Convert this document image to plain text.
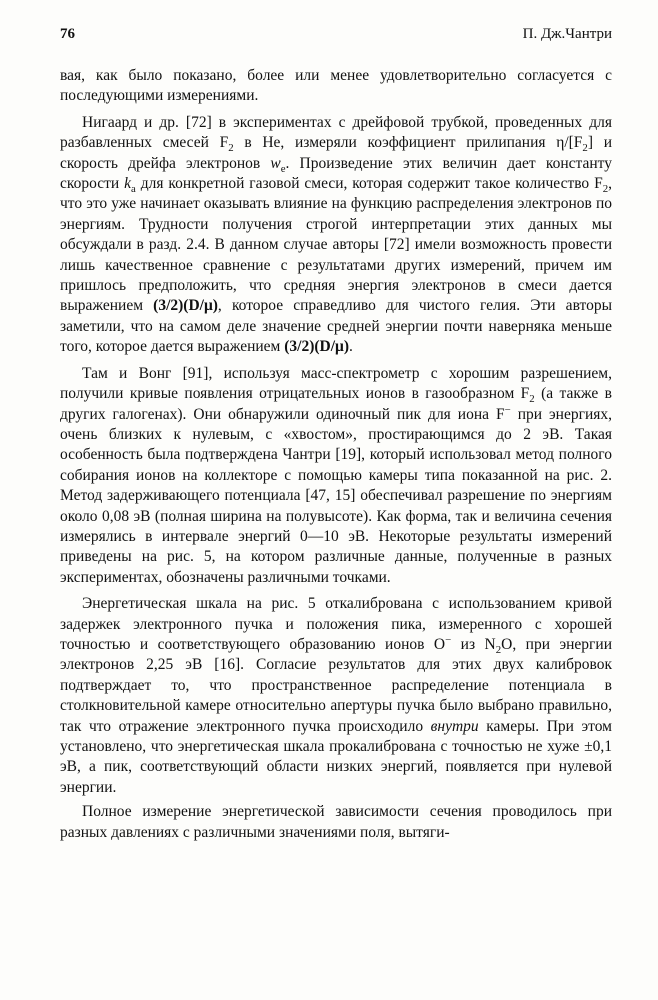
76	П. Дж.Чантри

вая, как было показано, более или менее удовлетворительно согласуется с последующими измерениями.

Нигаард и др. [72] в экспериментах с дрейфовой трубкой, проведенных для разбавленных смесей $F_2$ в He, измеряли коэффициент прилипания $\eta/[F_2]$ и скорость дрейфа электронов $w_e$. Произведение этих величин дает константу скорости $k_a$ для конкретной газовой смеси, которая содержит такое количество $F_2$, что это уже начинает оказывать влияние на функцию распределения электронов по энергиям. Трудности получения строгой интерпретации этих данных мы обсуждали в разд. 2.4. В данном случае авторы [72] имели возможность провести лишь качественное сравнение с результатами других измерений, причем им пришлось предположить, что средняя энергия электронов в смеси дается выражением (3/2)(D/μ), которое справедливо для чистого гелия. Эти авторы заметили, что на самом деле значение средней энергии почти наверняка меньше того, которое дается выражением (3/2)(D/μ).

Там и Вонг [91], используя масс-спектрометр с хорошим разрешением, получили кривые появления отрицательных ионов в газообразном $F_2$ (а также в других галогенах). Они обнаружили одиночный пик для иона F− при энергиях, очень близких к нулевым, с «хвостом», простирающимся до 2 эВ. Такая особенность была подтверждена Чантри [19], который использовал метод полного собирания ионов на коллекторе с помощью камеры типа показанной на рис. 2. Метод задерживающего потенциала [47, 15] обеспечивал разрешение по энергиям около 0,08 эВ (полная ширина на полувысоте). Как форма, так и величина сечения измерялись в интервале энергий 0—10 эВ. Некоторые результаты измерений приведены на рис. 5, на котором различные данные, полученные в разных экспериментах, обозначены различными точками.

Энергетическая шкала на рис. 5 откалибрована с использованием кривой задержек электронного пучка и положения пика, измеренного с хорошей точностью и соответствующего образованию ионов O− из $N_2O$, при энергии электронов 2,25 эВ [16]. Согласие результатов для этих двух калибровок подтверждает то, что пространственное распределение потенциала в столкновительной камере относительно апертуры пучка было выбрано правильно, так что отражение электронного пучка происходило внутри камеры. При этом установлено, что энергетическая шкала прокалибрована с точностью не хуже ±0,1 эВ, а пик, соответствующий области низких энергий, появляется при нулевой энергии.

Полное измерение энергетической зависимости сечения проводилось при разных давлениях с различными значениями поля, вытяги-
